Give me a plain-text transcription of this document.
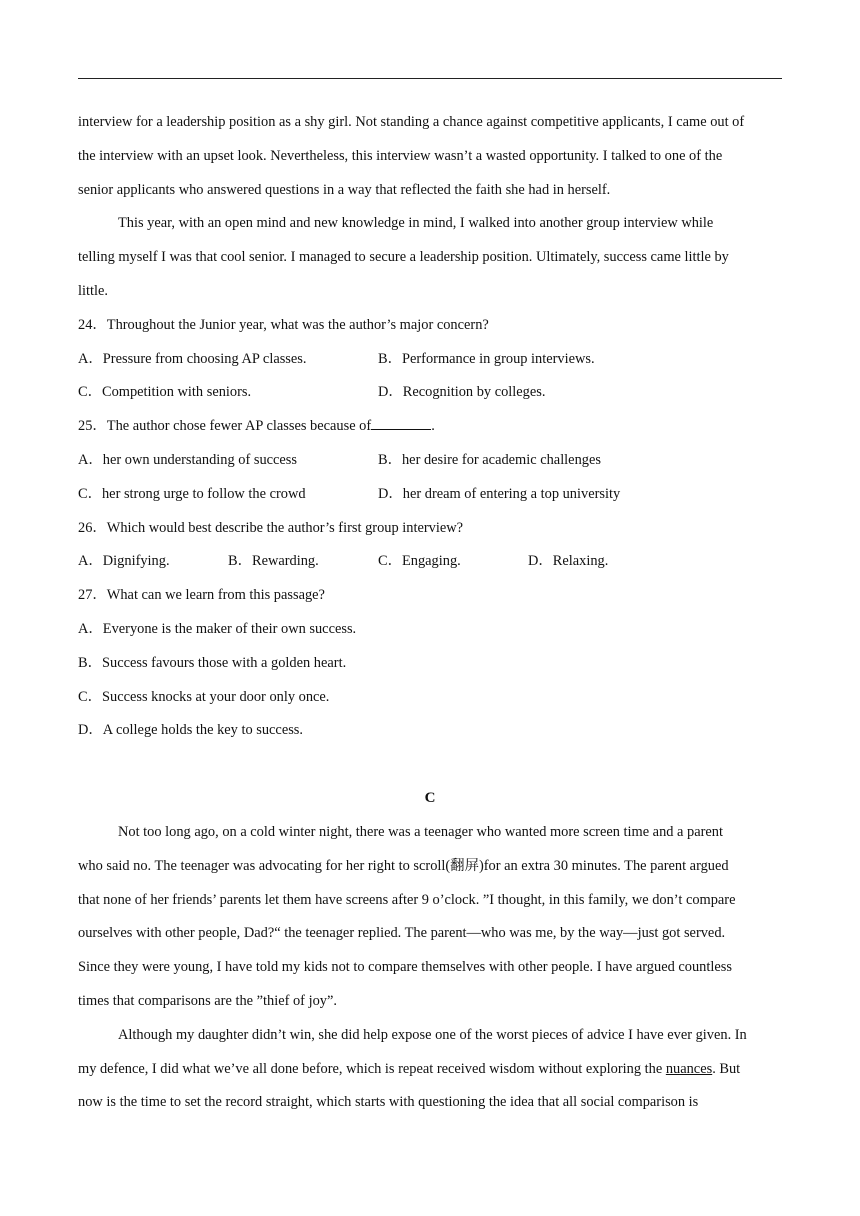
interview for a leadership position as a shy girl. Not standing a chance against competitive applicants, I came out of
the interview with an upset look. Nevertheless, this interview wasn’t a wasted opportunity. I talked to one of the
senior applicants who answered questions in a way that reflected the faith she had in herself.
This year, with an open mind and new knowledge in mind, I walked into another group interview while
telling myself I was that cool senior. I managed to secure a leadership position. Ultimately, success came little by
little.
24．Throughout the Junior year, what was the author’s major concern?
A．Pressure from choosing AP classes.	B．Performance in group interviews.
C．Competition with seniors.	D．Recognition by colleges.
25．The author chose fewer AP classes because of	.
A．her own understanding of success	B．her desire for academic challenges
C．her strong urge to follow the crowd	D．her dream of entering a top university
26．Which would best describe the author’s first group interview?
A．Dignifying.	B．Rewarding.	C．Engaging.	D．Relaxing.
27．What can we learn from this passage?
A．Everyone is the maker of their own success.
B．Success favours those with a golden heart.
C．Success knocks at your door only once.
D．A college holds the key to success.
C
Not too long ago, on a cold winter night, there was a teenager who wanted more screen time and a parent
who said no. The teenager was advocating for her right to scroll(翻屏)for an extra 30 minutes. The parent argued
that none of her friends’ parents let them have screens after 9 o’clock. ”I thought, in this family, we don’t compare
ourselves with other people, Dad?“ the teenager replied. The parent—who was me, by the way—just got served.
Since they were young, I have told my kids not to compare themselves with other people. I have argued countless
times that comparisons are the ”thief of joy”.
Although my daughter didn’t win, she did help expose one of the worst pieces of advice I have ever given. In
my defence, I did what we’ve all done before, which is repeat received wisdom without exploring the nuances. But
now is the time to set the record straight, which starts with questioning the idea that all social comparison is
